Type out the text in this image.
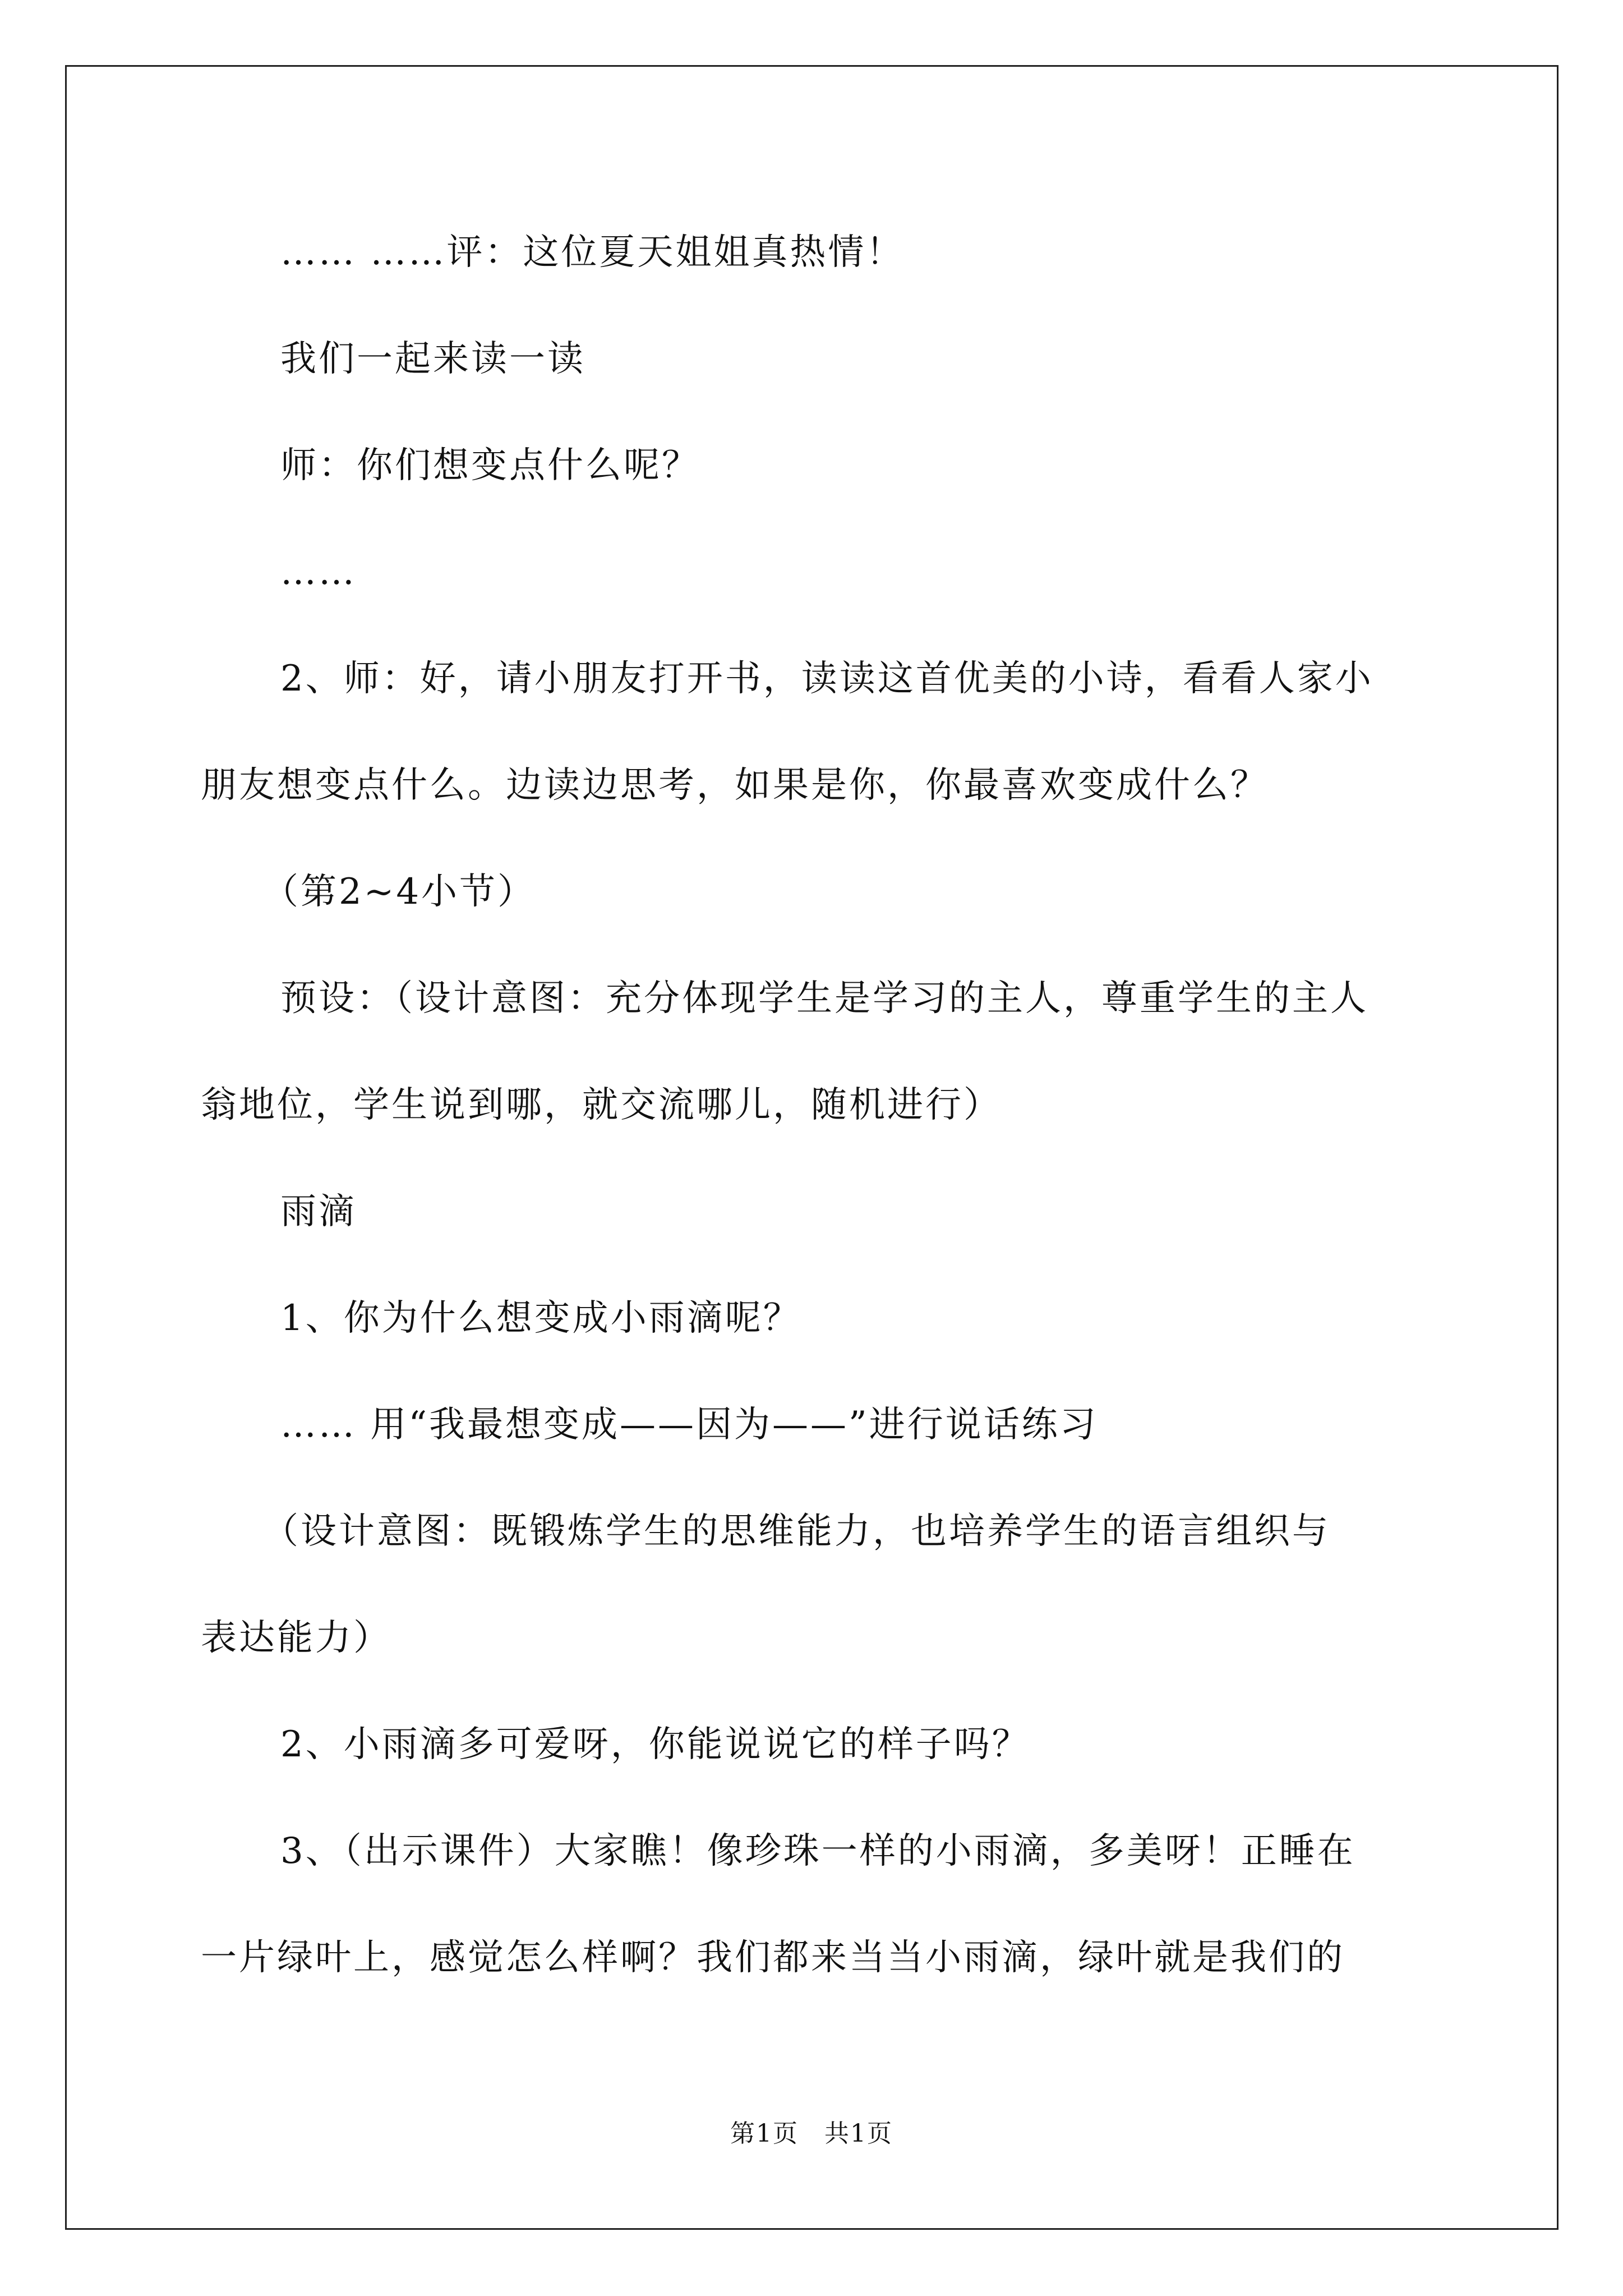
…… ……评：这位夏天姐姐真热情！
我们一起来读一读
师：你们想变点什么呢？
……
2、师：好，请小朋友打开书，读读这首优美的小诗，看看人家小
朋友想变点什么。边读边思考，如果是你，你最喜欢变成什么？
（第2~4小节）
预设：（设计意图：充分体现学生是学习的主人，尊重学生的主人
翁地位，学生说到哪，就交流哪儿，随机进行）
雨滴
1、你为什么想变成小雨滴呢？
…… 用“我最想变成——因为——”进行说话练习
（设计意图：既锻炼学生的思维能力，也培养学生的语言组织与
表达能力）
2、小雨滴多可爱呀，你能说说它的样子吗？
3、（出示课件）大家瞧！像珍珠一样的小雨滴，多美呀！正睡在
一片绿叶上，感觉怎么样啊？我们都来当当小雨滴，绿叶就是我们的
第1页　共1页
